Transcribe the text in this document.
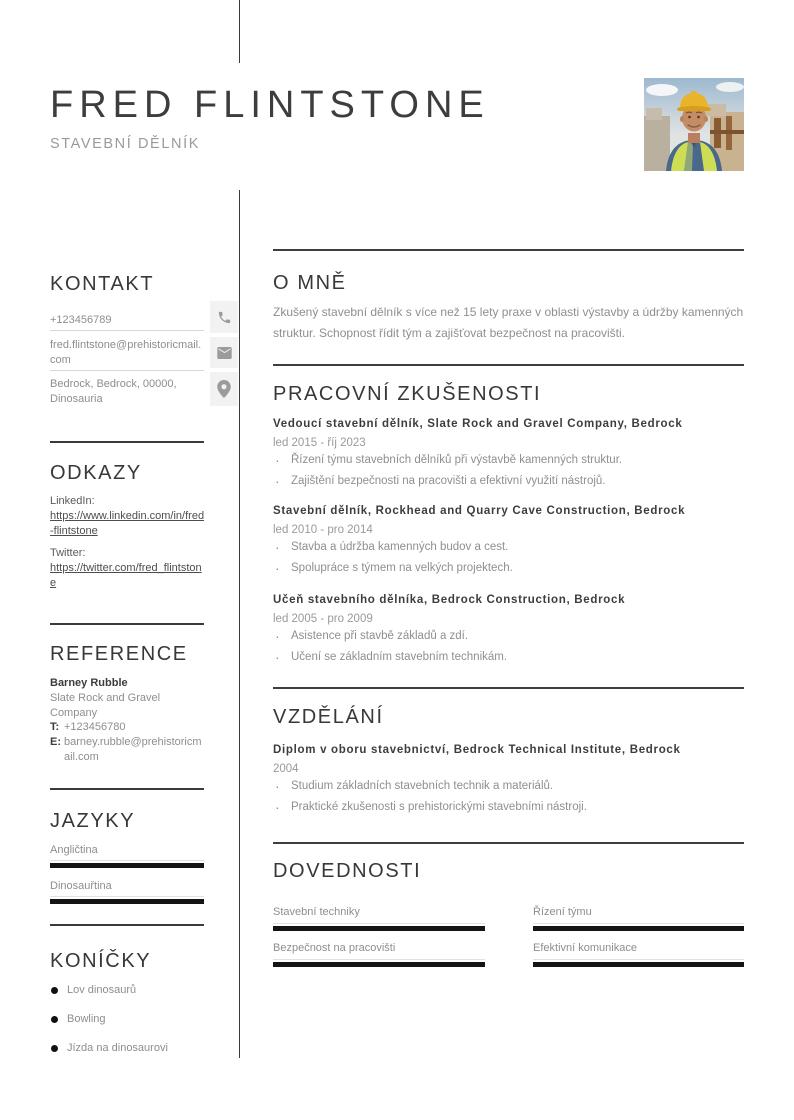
FRED FLINTSTONE
STAVEBNÍ DĚLNÍK
KONTAKT
+123456789
fred.flintstone@prehistoricmail.com
Bedrock, Bedrock, 00000, Dinosauria
ODKAZY
LinkedIn:
https://www.linkedin.com/in/fred-flintstone
Twitter:
https://twitter.com/fred_flintstone
REFERENCE
Barney Rubble
Slate Rock and Gravel Company
T: +123456780
E: barney.rubble@prehistoricmail.com
JAZYKY
Angličtina
Dinosauřtina
KONÍČKY
Lov dinosaurů
Bowling
Jízda na dinosaurovi
O MNĚ
Zkušený stavební dělník s více než 15 lety praxe v oblasti výstavby a údržby kamenných struktur. Schopnost řídit tým a zajišťovat bezpečnost na pracovišti.
PRACOVNÍ ZKUŠENOSTI
Vedoucí stavební dělník, Slate Rock and Gravel Company, Bedrock
led 2015 - říj 2023
· Řízení týmu stavebních dělníků při výstavbě kamenných struktur.
· Zajištění bezpečnosti na pracovišti a efektivní využití nástrojů.
Stavební dělník, Rockhead and Quarry Cave Construction, Bedrock
led 2010 - pro 2014
· Stavba a údržba kamenných budov a cest.
· Spolupráce s týmem na velkých projektech.
Učeň stavebního dělníka, Bedrock Construction, Bedrock
led 2005 - pro 2009
· Asistence při stavbě základů a zdí.
· Učení se základním stavebním technikám.
VZDĚLÁNÍ
Diplom v oboru stavebnictví, Bedrock Technical Institute, Bedrock
2004
· Studium základních stavebních technik a materiálů.
· Praktické zkušenosti s prehistorickými stavebními nástroji.
DOVEDNOSTI
Stavební techniky	Řízení týmu
Bezpečnost na pracovišti	Efektivní komunikace
